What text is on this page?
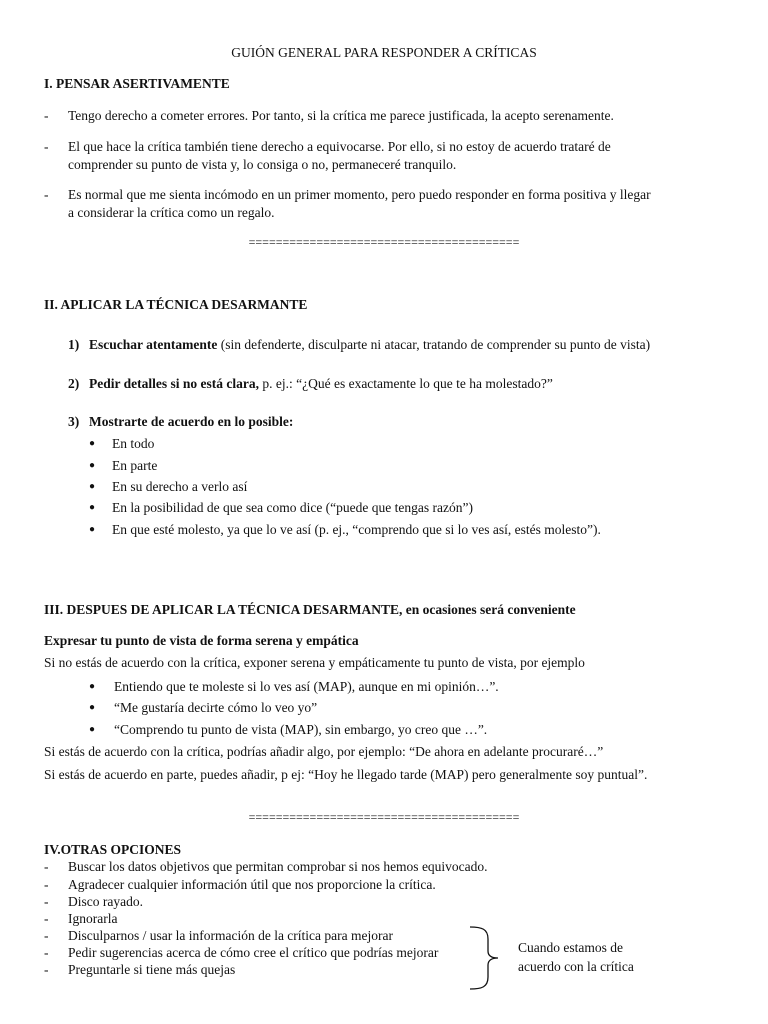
GUIÓN GENERAL PARA RESPONDER A CRÍTICAS
I. PENSAR ASERTIVAMENTE
- Tengo derecho a cometer errores. Por tanto, si la crítica me parece justificada, la acepto serenamente.
- El que hace la crítica también tiene derecho a equivocarse. Por ello, si no estoy de acuerdo trataré de
comprender su punto de vista y, lo consiga o no, permaneceré tranquilo.
- Es normal que me sienta incómodo en un primer momento, pero puedo responder en forma positiva y llegar
a considerar la crítica como un regalo.
========================================
II. APLICAR LA TÉCNICA DESARMANTE
1) Escuchar atentamente (sin defenderte, disculparte ni atacar, tratando de comprender su punto de vista)
2) Pedir detalles si no está clara, p. ej.: “¿Qué es exactamente lo que te ha molestado?”
3) Mostrarte de acuerdo en lo posible:
● En todo
● En parte
● En su derecho a verlo así
● En la posibilidad de que sea como dice (“puede que tengas razón”)
● En que esté molesto, ya que lo ve así (p. ej., “comprendo que si lo ves así, estés molesto”).
III. DESPUES DE APLICAR LA TÉCNICA DESARMANTE, en ocasiones será conveniente
Expresar tu punto de vista de forma serena y empática
Si no estás de acuerdo con la crítica, exponer serena y empáticamente tu punto de vista, por ejemplo
● Entiendo que te moleste si lo ves así (MAP), aunque en mi opinión…”.
● “Me gustaría decirte cómo lo veo yo”
● “Comprendo tu punto de vista (MAP), sin embargo, yo creo que …”.
Si estás de acuerdo con la crítica, podrías añadir algo, por ejemplo: “De ahora en adelante procuraré…”
Si estás de acuerdo en parte, puedes añadir, p ej: “Hoy he llegado tarde (MAP) pero generalmente soy puntual”.
========================================
IV.OTRAS OPCIONES
- Buscar los datos objetivos que permitan comprobar si nos hemos equivocado.
- Agradecer cualquier información útil que nos proporcione la crítica.
- Disco rayado.
- Ignorarla
- Disculparnos / usar la información de la crítica para mejorar
- Pedir sugerencias acerca de cómo cree el crítico que podrías mejorar
- Preguntarle si tiene más quejas
Cuando estamos de
acuerdo con la crítica
